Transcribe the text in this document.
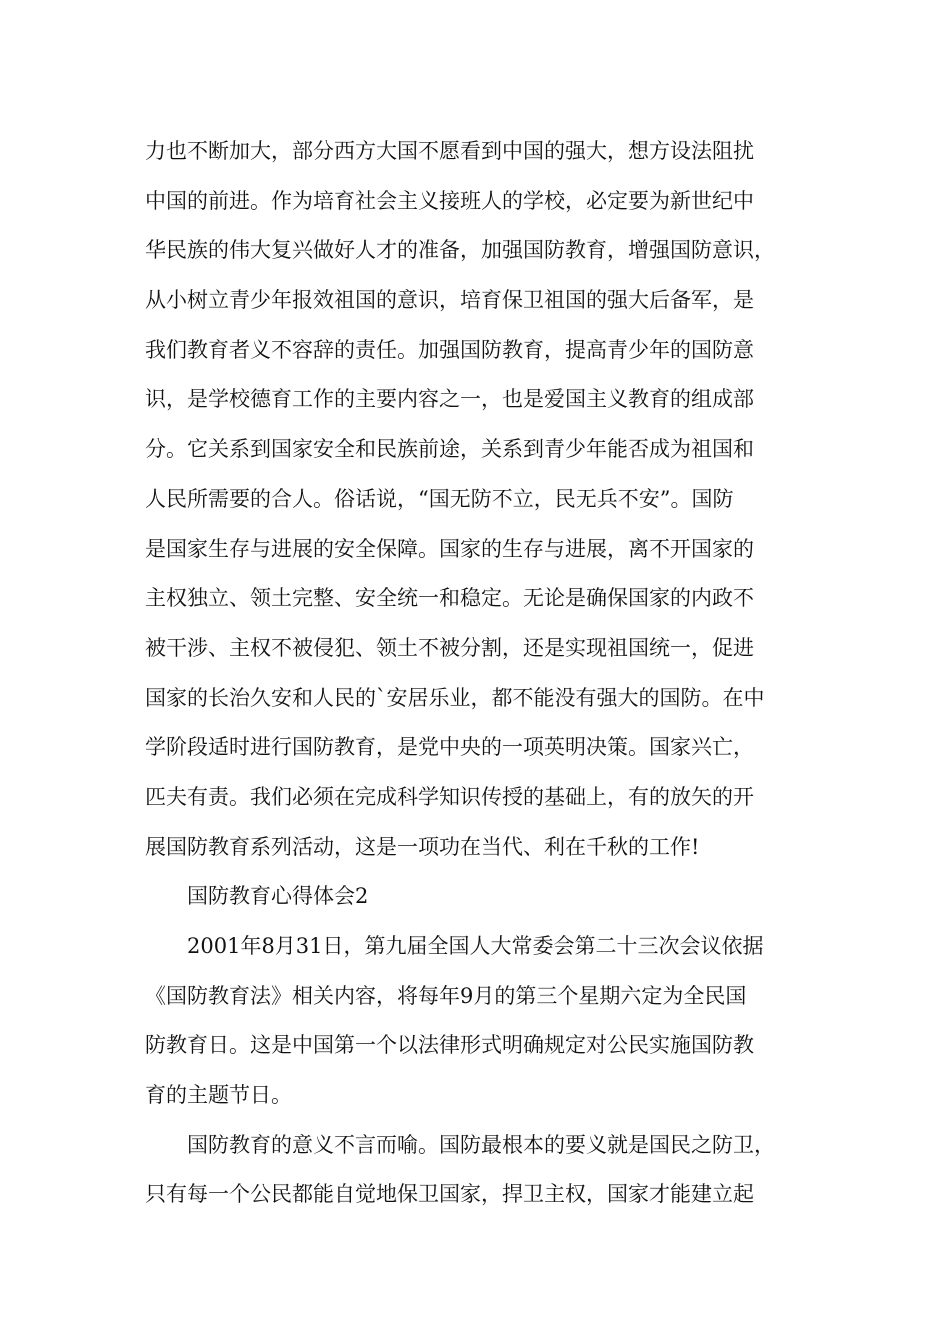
力也不断加大，部分西方大国不愿看到中国的强大，想方设法阻扰
中国的前进。作为培育社会主义接班人的学校，必定要为新世纪中
华民族的伟大复兴做好人才的准备，加强国防教育，增强国防意识，
从小树立青少年报效祖国的意识，培育保卫祖国的强大后备军，是
我们教育者义不容辞的责任。加强国防教育，提高青少年的国防意
识，是学校德育工作的主要内容之一，也是爱国主义教育的组成部
分。它关系到国家安全和民族前途，关系到青少年能否成为祖国和
人民所需要的合人。俗话说，“国无防不立，民无兵不安”。国防
是国家生存与进展的安全保障。国家的生存与进展，离不开国家的
主权独立、领土完整、安全统一和稳定。无论是确保国家的内政不
被干涉、主权不被侵犯、领土不被分割，还是实现祖国统一，促进
国家的长治久安和人民的`安居乐业，都不能没有强大的国防。在中
学阶段适时进行国防教育，是党中央的一项英明决策。国家兴亡，
匹夫有责。我们必须在完成科学知识传授的基础上，有的放矢的开
展国防教育系列活动，这是一项功在当代、利在千秋的工作!
　　国防教育心得体会2
　　2001年8月31日，第九届全国人大常委会第二十三次会议依据
《国防教育法》相关内容，将每年9月的第三个星期六定为全民国
防教育日。这是中国第一个以法律形式明确规定对公民实施国防教
育的主题节日。
　　国防教育的意义不言而喻。国防最根本的要义就是国民之防卫，
只有每一个公民都能自觉地保卫国家，捍卫主权，国家才能建立起
